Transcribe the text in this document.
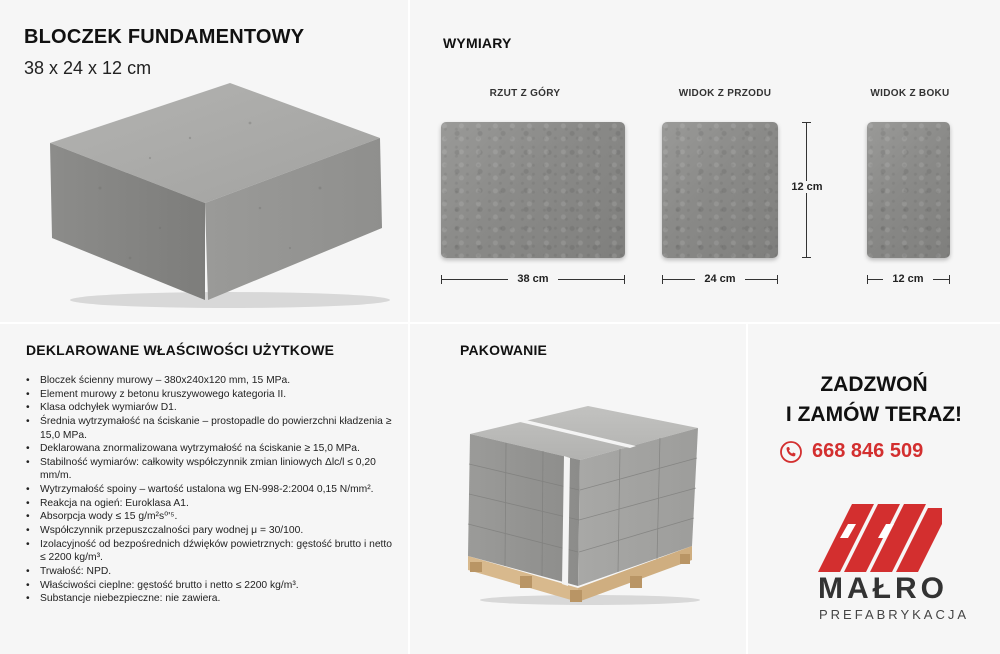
BLOCZEK FUNDAMENTOWY
38 x 24 x 12 cm
WYMIARY
RZUT Z GÓRY	WIDOK Z PRZODU	WIDOK Z BOKU
38 cm	24 cm	12 cm
12 cm
DEKLAROWANE WŁAŚCIWOŚCI UŻYTKOWE
• Bloczek ścienny murowy – 380x240x120 mm, 15 MPa.
• Element murowy z betonu kruszywowego kategoria II.
• Klasa odchyłek wymiarów D1.
• Średnia wytrzymałość na ściskanie – prostopadle do powierzchni kładzenia ≥ 15,0 MPa.
• Deklarowana znormalizowana wytrzymałość na ściskanie ≥ 15,0 MPa.
• Stabilność wymiarów: całkowity współczynnik zmian liniowych Δlc/l ≤ 0,20 mm/m.
• Wytrzymałość spoiny – wartość ustalona wg EN-998-2:2004 0,15 N/mm².
• Reakcja na ogień: Euroklasa A1.
• Absorpcja wody ≤ 15 g/m²s⁰'⁵.
• Współczynnik przepuszczalności pary wodnej μ = 30/100.
• Izolacyjność od bezpośrednich dźwięków powietrznych: gęstość brutto i netto ≤ 2200 kg/m³.
• Trwałość: NPD.
• Właściwości cieplne: gęstość brutto i netto ≤ 2200 kg/m³.
• Substancje niebezpieczne: nie zawiera.
PAKOWANIE
ZADZWOŃ
I ZAMÓW TERAZ!
668 846 509
MAŁRO
PREFABRYKACJA
